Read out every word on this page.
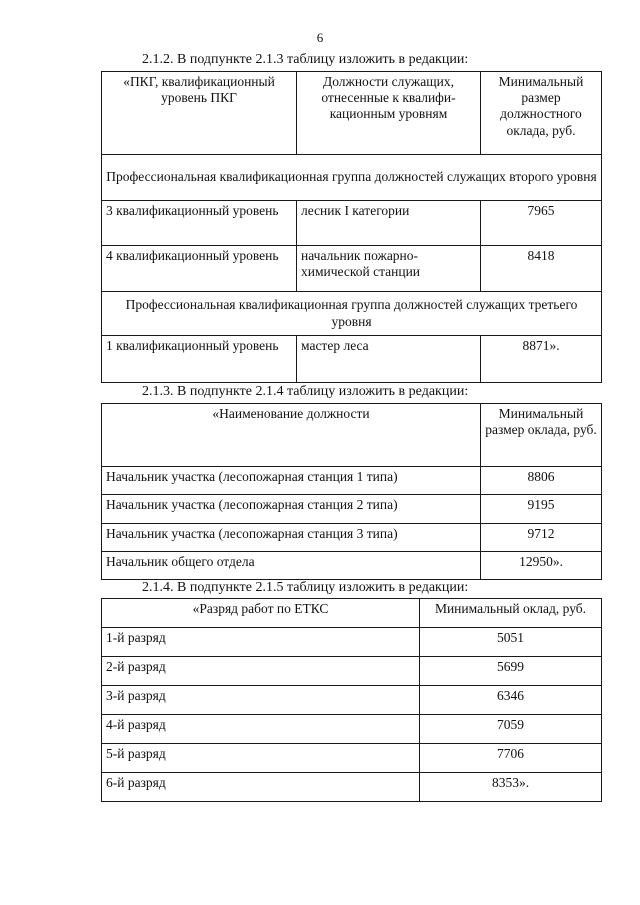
6
2.1.2. В подпункте 2.1.3 таблицу изложить в редакции:
«ПКГ, квалификационный уровень ПКГ	Должности служащих, отнесенные к квалифи- кационным уровням	Минимальный размер должностного оклада, руб.
Профессиональная квалификационная группа должностей служащих второго уровня		
3 квалификационный уровень	лесник I категории	7965
4 квалификационный уровень	начальник пожарно- химической станции	8418
Профессиональная квалификационная группа должностей служащих третьего уровня		
1 квалификационный уровень	мастер леса	8871».
2.1.3. В подпункте 2.1.4 таблицу изложить в редакции:
«Наименование должности	Минимальный размер оклада, руб.
Начальник участка (лесопожарная станция 1 типа)	8806
Начальник участка (лесопожарная станция 2 типа)	9195
Начальник участка (лесопожарная станция 3 типа)	9712
Начальник общего отдела	12950».
2.1.4. В подпункте 2.1.5 таблицу изложить в редакции:
«Разряд работ по ЕТКС	Минимальный оклад, руб.
1-й разряд	5051
2-й разряд	5699
3-й разряд	6346
4-й разряд	7059
5-й разряд	7706
6-й разряд	8353».
